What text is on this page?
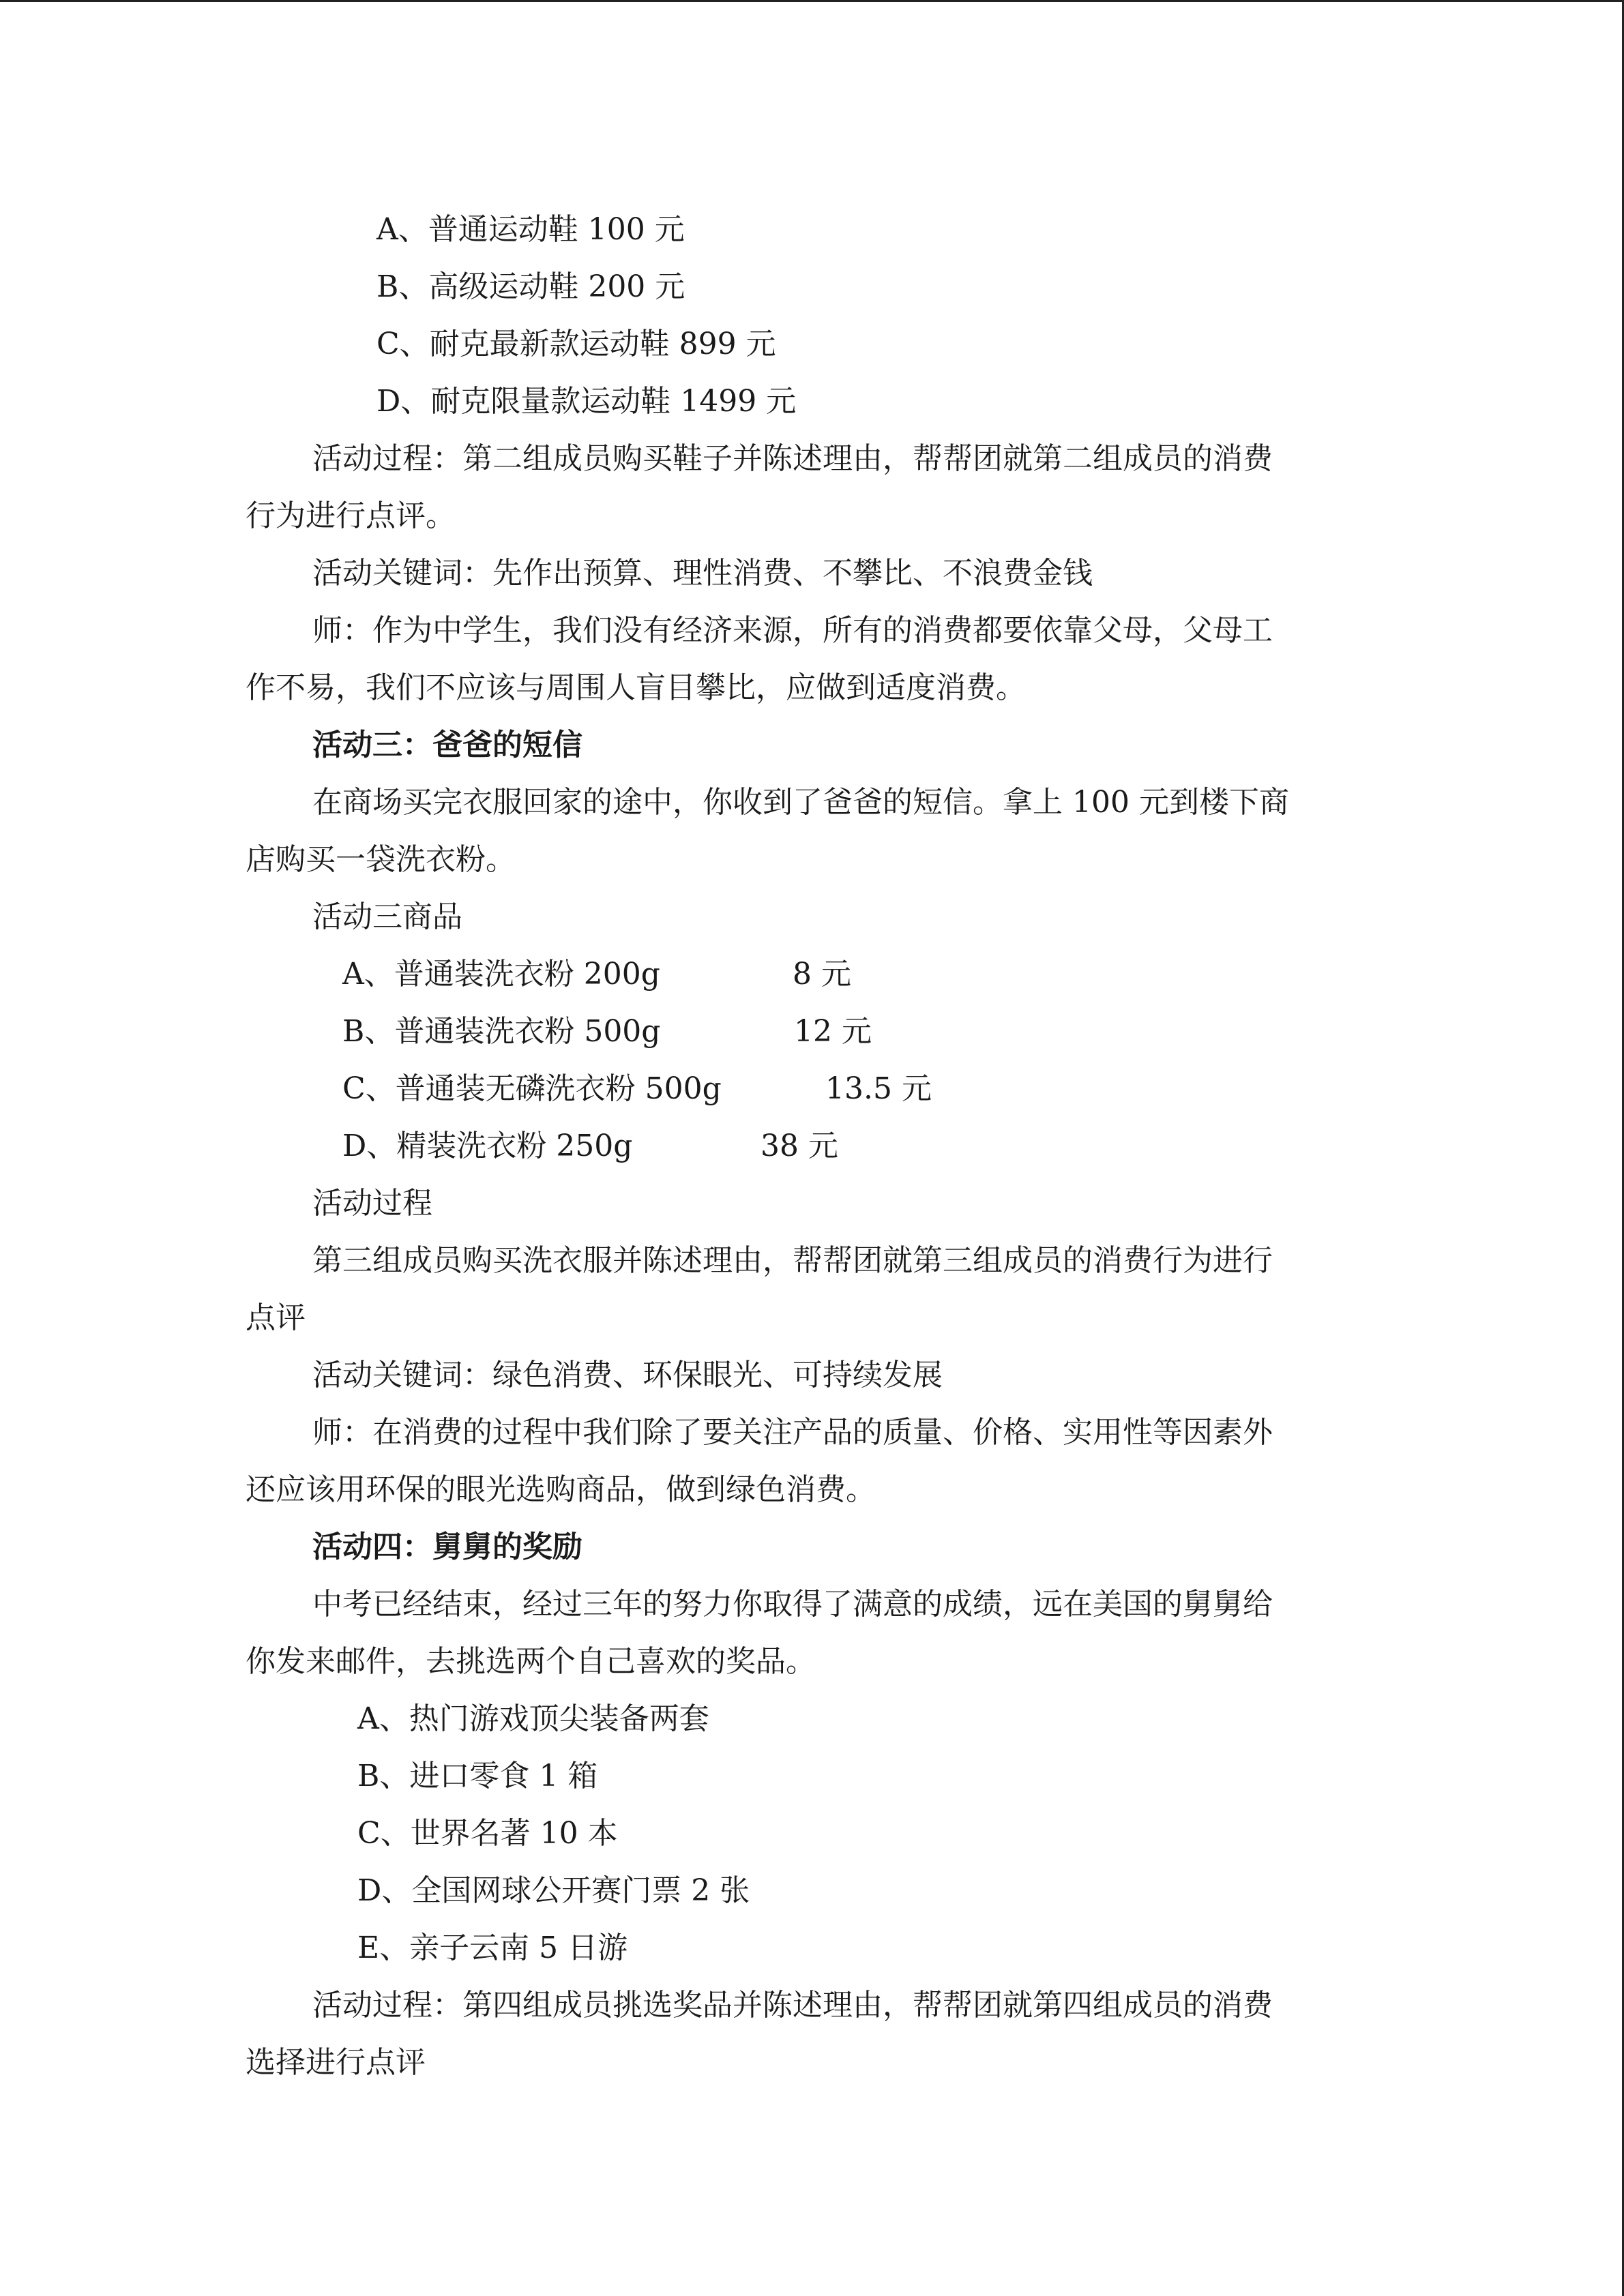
A、普通运动鞋 100 元
B、高级运动鞋 200 元
C、耐克最新款运动鞋 899 元
D、耐克限量款运动鞋 1499 元
活动过程：第二组成员购买鞋子并陈述理由，帮帮团就第二组成员的消费
行为进行点评。
活动关键词：先作出预算、理性消费、不攀比、不浪费金钱
师：作为中学生，我们没有经济来源，所有的消费都要依靠父母，父母工
作不易，我们不应该与周围人盲目攀比，应做到适度消费。
活动三：爸爸的短信
在商场买完衣服回家的途中，你收到了爸爸的短信。拿上 100 元到楼下商
店购买一袋洗衣粉。
活动三商品
A、普通装洗衣粉 200g	8 元
B、普通装洗衣粉 500g	12 元
C、普通装无磷洗衣粉 500g	13.5 元
D、精装洗衣粉 250g	38 元
活动过程
第三组成员购买洗衣服并陈述理由，帮帮团就第三组成员的消费行为进行
点评
活动关键词：绿色消费、环保眼光、可持续发展
师：在消费的过程中我们除了要关注产品的质量、价格、实用性等因素外
还应该用环保的眼光选购商品，做到绿色消费。
活动四：舅舅的奖励
中考已经结束，经过三年的努力你取得了满意的成绩，远在美国的舅舅给
你发来邮件，去挑选两个自己喜欢的奖品。
A、热门游戏顶尖装备两套
B、进口零食 1 箱
C、世界名著 10 本
D、全国网球公开赛门票 2 张
E、亲子云南 5 日游
活动过程：第四组成员挑选奖品并陈述理由，帮帮团就第四组成员的消费
选择进行点评
